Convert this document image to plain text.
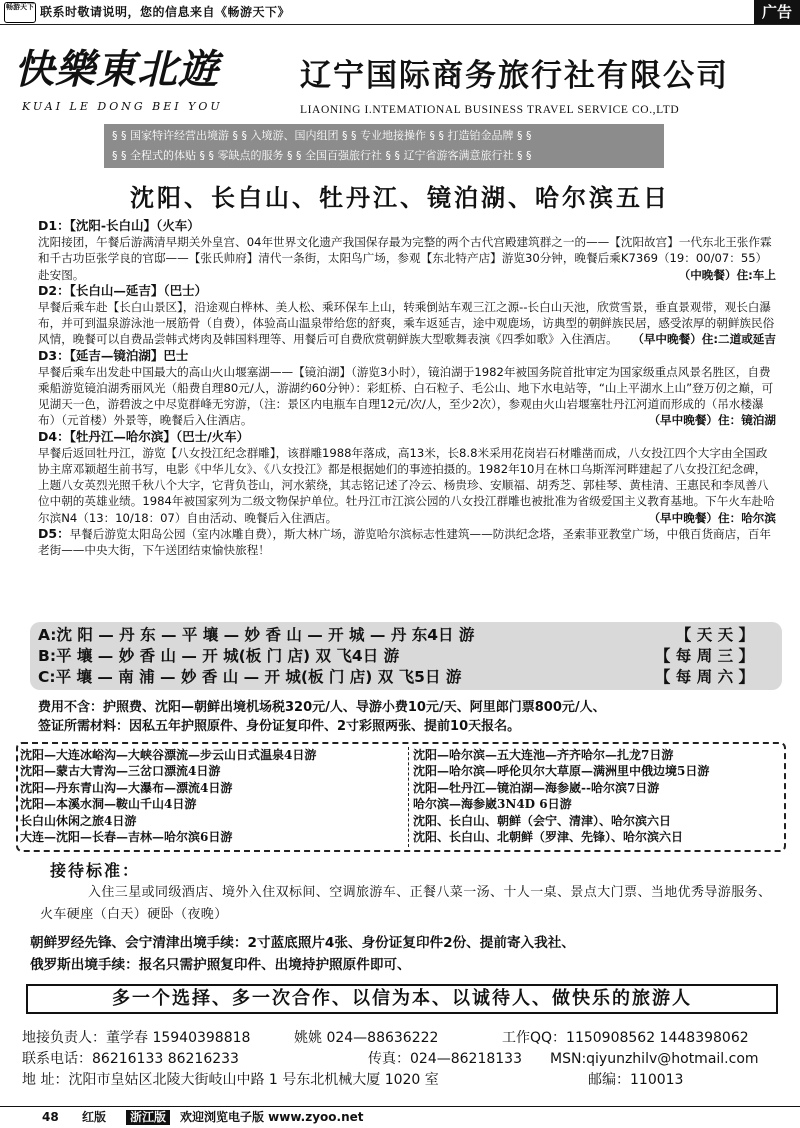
畅游天下 联系时敬请说明，您的信息来自《畅游天下》	广告
快樂東北遊
KUAI LE DONG BEI YOU
辽宁国际商务旅行社有限公司
LIAONING I.NTEMATIONAL BUSINESS TRAVEL SERVICE CO.,LTD
§ § 国家特许经营出境游 § § 入境游、国内组团 § § 专业地接操作 § § 打造铂金品牌 § §
§ § 全程式的体贴 § § 零缺点的服务 § § 全国百强旅行社 § § 辽宁省游客满意旅行社 § §
沈阳、长白山、牡丹江、镜泊湖、哈尔滨五日

D1：【沈阳-长白山】（火车）

沈阳接团，午餐后游满清早期关外皇宫、04年世界文化遗产我国保存最为完整的两个古代宫殿建筑群之一的——【沈阳故宫】一代东北王张作霖和千古功臣张学良的官邸——【张氏帅府】清代一条街，太阳鸟广场，参观【东北特产店】游览30分钟，晚餐后乘K7369（19：00/07：55）赴安图。	（中晚餐）住:车上

D2：【长白山—延吉】（巴士）

早餐后乘车赴【长白山景区】，沿途观白桦林、美人松、乘环保车上山，转乘倒站车观三江之源--长白山天池，欣赏雪景，垂直景观带，观长白瀑布，并可到温泉游泳池一展筋骨（自费），体验高山温泉带给您的舒爽，乘车返延吉，途中观鹿场，访典型的朝鲜族民居，感受浓厚的朝鲜族民俗风情，晚餐可以自费品尝韩式烤肉及韩国料理等、用餐后可自费欣赏朝鲜族大型歌舞表演《四季如歌》入住酒店。	（早中晚餐）住:二道或延吉

D3：【延吉—镜泊湖】巴士

早餐后乘车出发赴中国最大的高山火山堰塞湖——【镜泊湖】（游览3小时），镜泊湖于1982年被国务院首批审定为国家级重点风景名胜区，自费乘船游览镜泊湖秀丽风光（船费自理80元/人，游湖约60分钟）：彩虹桥、白石粒子、毛公山、地下水电站等，“山上平湖水上山”登万仞之巅，可见湖天一色，游碧波之中尽览群峰无穷游，（注：景区内电瓶车自理12元/次/人，至少2次），参观由火山岩堰塞牡丹江河道而形成的（吊水楼瀑布）（元首楼）外景等，晚餐后入住酒店。	（早中晚餐）住：镜泊湖

D4：【牡丹江—哈尔滨】（巴士/火车）

早餐后返回牡丹江，游览【八女投江纪念群雕】，该群雕1988年落成，高13米，长8.8米采用花岗岩石材雕凿而成，八女投江四个大字由全国政协主席邓颖超生前书写，电影《中华儿女》、《八女投江》都是根据她们的事迹拍摄的。1982年10月在林口乌斯浑河畔建起了八女投江纪念碑，上题八女英烈光照千秋八个大字，它背负苍山，河水萦绕，其志铭记述了冷云、杨贵珍、安顺福、胡秀芝、郭桂琴、黄桂清、王惠民和李凤善八位中朝的英雄业绩。1984年被国家列为二级文物保护单位。牡丹江市江滨公园的八女投江群雕也被批准为省级爱国主义教育基地。下午火车赴哈尔滨N4（13：10/18：07）自由活动、晚餐后入住酒店。	（早中晚餐）住：哈尔滨

D5：早餐后游览太阳岛公园（室内冰雕自费），斯大林广场，游览哈尔滨标志性建筑——防洪纪念塔，圣索菲亚教堂广场，中俄百货商店，百年老街——中央大街，下午送团结束愉快旅程！

A:沈 阳 — 丹 东 — 平 壤 — 妙 香 山 — 开 城 — 丹 东4日 游	【 天 天 】
B:平 壤 — 妙 香 山 — 开 城(板 门 店) 双 飞4日 游	【 每 周 三 】
C:平 壤 — 南 浦 — 妙 香 山 — 开 城(板 门 店) 双 飞5日 游	【 每 周 六 】

费用不含：护照费、沈阳—朝鲜出境机场税320元/人、导游小费10元/天、阿里郎门票800元/人、

签证所需材料：因私五年护照原件、身份证复印件、2寸彩照两张、提前10天报名。

沈阳—大连冰峪沟—大峡谷漂流—步云山日式温泉4日游
沈阳—蒙古大青沟—三岔口漂流4日游
沈阳—丹东青山沟—大瀑布—漂流4日游
沈阳—本溪水洞—鞍山千山4日游
长白山休闲之旅4日游
大连—沈阳—长春—吉林—哈尔滨6日游
沈阳—哈尔滨—五大连池—齐齐哈尔—扎龙7日游
沈阳—哈尔滨—呼伦贝尔大草原—满洲里中俄边境5日游
沈阳—牡丹江—镜泊湖—海参崴--哈尔滨7日游
哈尔滨—海参崴3N4D 6日游
沈阳、长白山、朝鲜（会宁、清津）、哈尔滨六日
沈阳、长白山、北朝鲜（罗津、先锋）、哈尔滨六日
接待标准：
入住三星或同级酒店、境外入住双标间、空调旅游车、正餐八菜一汤、十人一桌、景点大门票、当地优秀导游服务、火车硬座（白天）硬卧（夜晚）

朝鲜罗经先锋、会宁清津出境手续：2寸蓝底照片4张、身份证复印件2份、提前寄入我社、

俄罗斯出境手续：报名只需护照复印件、出境持护照原件即可、

多一个选择、多一次合作、以信为本、以诚待人、做快乐的旅游人
地接负责人：董学春 15940398818	姚姚 024—88636222	工作QQ：1150908562 1448398062
联系电话：86216133 86216233	传真：024—86218133 MSN:qiyunzhilv@hotmail.com
地 址：沈阳市皇姑区北陵大街岐山中路 1 号东北机械大厦 1020 室	邮编：110013
48 红版	浙江版	欢迎浏览电子版 www.zyoo.net
